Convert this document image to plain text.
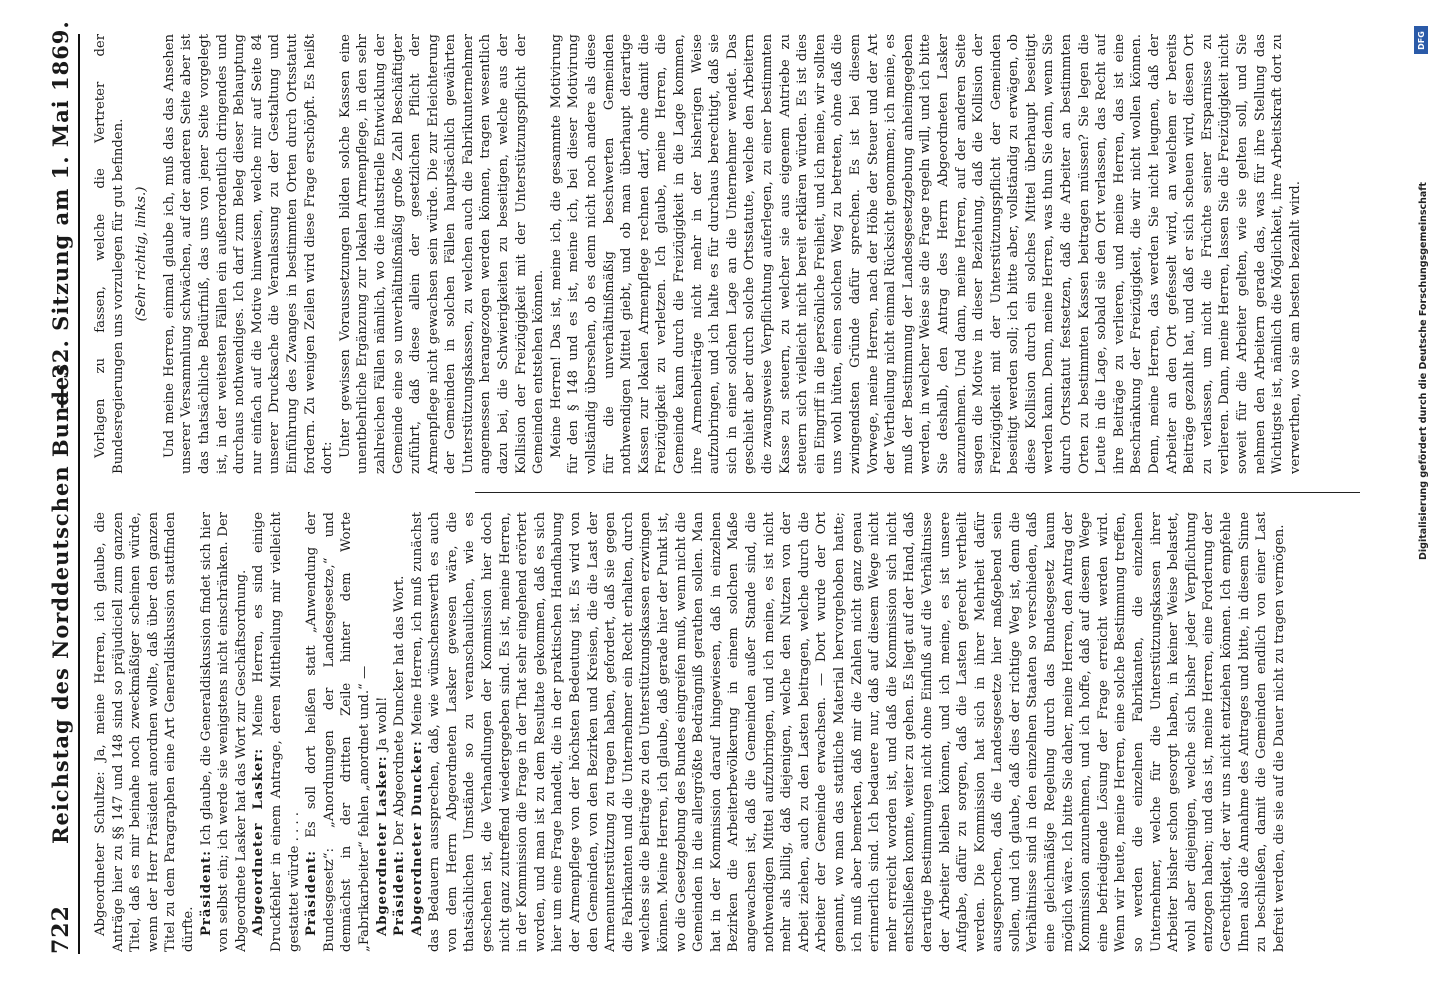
722
Reichstag des Norddeutschen Bundes.
— 32. Sitzung am 1. Mai 1869.

Abgeordneter Schultze: Ja, meine Herren, ich glaube, die Anträge hier zu §§ 147 und 148 sind so präjudiciell zum ganzen Titel, daß es mir beinahe noch zweckmäßiger scheinen würde, wenn der Herr Präsident anordnen wollte, daß über den ganzen Titel zu dem Paragraphen eine Art Generaldiskussion stattfinden dürfte. Präsident: Ich glaube, die Generaldiskussion findet sich hier von selbst ein; ich werde sie wenigstens nicht einschränken. Der Abgeordnete Lasker hat das Wort zur Geschäftsordnung. Abgeordneter Lasker: Meine Herren, es sind einige Druckfehler in einem Antrage, deren Mittheilung mir vielleicht gestattet würde . . . . Präsident: Es soll dort heißen statt „Anwendung der Bundesgesetz“: „Anordnungen der Landesgesetze,“ und demnächst in der dritten Zeile hinter dem Worte „Fabrikarbeiter“ fehlen „anordnet und.“ — Abgeordneter Lasker: Ja wohl!

Präsident: Der Abgeordnete Duncker hat das Wort. Abgeordneter Duncker: Meine Herren, ich muß zunächst das Bedauern aussprechen, daß, wie wünschenswerth es auch von dem Herrn Abgeordneten Lasker gewesen wäre, die thatsächlichen Umstände so zu veranschaulichen, wie es geschehen ist, die Verhandlungen der Kommission hier doch nicht ganz zutreffend wiedergegeben sind. Es ist, meine Herren, in der Kommission die Frage in der That sehr eingehend erörtert worden, und man ist zu dem Resultate gekommen, daß es sich hier um eine Frage handelt, die in der praktischen Handhabung der Armenpflege von der höchsten Bedeutung ist. Es wird von den Gemeinden, von den Bezirken und Kreisen, die die Last der Armenunterstützung zu tragen haben, gefordert, daß sie gegen die Fabrikanten und die Unternehmer ein Recht erhalten, durch welches sie die Beiträge zu den Unterstützungskassen erzwingen können. Meine Herren, ich glaube, daß gerade hier der Punkt ist, wo die Gesetzgebung des Bundes eingreifen muß, wenn nicht die Gemeinden in die allergrößte Bedrängniß gerathen sollen. Man hat in der Kommission darauf hingewiesen, daß in einzelnen Bezirken die Arbeiterbevölkerung in einem solchen Maße angewachsen ist, daß die Gemeinden außer Stande sind, die nothwendigen Mittel aufzubringen, und ich meine, es ist nicht mehr als billig, daß diejenigen, welche den Nutzen von der Arbeit ziehen, auch zu den Lasten beitragen, welche durch die Arbeiter der Gemeinde erwachsen. — Dort wurde der Ort genannt, wo man das stattliche Material hervorgehoben hatte; ich muß aber bemerken, daß mir die Zahlen nicht ganz genau erinnerlich sind. Ich bedauere nur, daß auf diesem Wege nicht mehr erreicht worden ist, und daß die Kommission sich nicht entschließen konnte, weiter zu gehen. Es liegt auf der Hand, daß derartige Bestimmungen nicht ohne Einfluß auf die Verhältnisse der Arbeiter bleiben können, und ich meine, es ist unsere Aufgabe, dafür zu sorgen, daß die Lasten gerecht vertheilt werden. Die Kommission hat sich in ihrer Mehrheit dafür ausgesprochen, daß die Landesgesetze hier maßgebend sein sollen, und ich glaube, daß dies der richtige Weg ist, denn die Verhältnisse sind in den einzelnen Staaten so verschieden, daß eine gleichmäßige Regelung durch das Bundesgesetz kaum möglich wäre. Ich bitte Sie daher, meine Herren, den Antrag der Kommission anzunehmen, und ich hoffe, daß auf diesem Wege eine befriedigende Lösung der Frage erreicht werden wird. Wenn wir heute, meine Herren, eine solche Bestimmung treffen, so werden die einzelnen Fabrikanten, die einzelnen Unternehmer, welche für die Unterstützungskassen ihrer Arbeiter bisher schon gesorgt haben, in keiner Weise belastet, wohl aber diejenigen, welche sich bisher jeder Verpflichtung entzogen haben; und das ist, meine Herren, eine Forderung der Gerechtigkeit, der wir uns nicht entziehen können. Ich empfehle Ihnen also die Annahme des Antrages und bitte, in diesem Sinne zu beschließen, damit die Gemeinden endlich von einer Last befreit werden, die sie auf die Dauer nicht zu tragen vermögen.

Vorlagen zu fassen, welche die Vertreter der Bundesregierungen uns vorzulegen für gut befinden. (Sehr richtig, links.) Und meine Herren, einmal glaube ich, muß das das Ansehen unserer Versammlung schwächen, auf der anderen Seite aber ist das thatsächliche Bedürfniß, das uns von jener Seite vorgelegt ist, in der weitesten Fällen ein außerordentlich dringendes und durchaus nothwendiges. Ich darf zum Beleg dieser Behauptung nur einfach auf die Motive hinweisen, welche mir auf Seite 84 unserer Drucksache die Veranlassung zu der Gestaltung und Einführung des Zwanges in bestimmten Orten durch Ortsstatut fordern. Zu wenigen Zeilen wird diese Frage erschöpft. Es heißt dort: Unter gewissen Voraussetzungen bilden solche Kassen eine unentbehrliche Ergänzung zur lokalen Armenpflege, in den sehr zahlreichen Fällen nämlich, wo die industrielle Entwicklung der Gemeinde eine so unverhältnißmäßig große Zahl Beschäftigter zuführt, daß diese allein der gesetzlichen Pflicht der Armenpflege nicht gewachsen sein würde. Die zur Erleichterung der Gemeinden in solchen Fällen hauptsächlich gewährten Unterstützungskassen, zu welchen auch die Fabrikunternehmer angemessen herangezogen werden können, tragen wesentlich dazu bei, die Schwierigkeiten zu beseitigen, welche aus der Kollision der Freizügigkeit mit der Unterstützungspflicht der Gemeinden entstehen können. Meine Herren! Das ist, meine ich, die gesammte Motivirung für den § 148 und es ist, meine ich, bei dieser Motivirung vollständig übersehen, ob es denn nicht noch andere als diese für die unverhältnißmäßig beschwerten Gemeinden nothwendigen Mittel giebt, und ob man überhaupt derartige Kassen zur lokalen Armenpflege rechnen darf, ohne damit die Freizügigkeit zu verletzen. Ich glaube, meine Herren, die Gemeinde kann durch die Freizügigkeit in die Lage kommen, ihre Armenbeiträge nicht mehr in der bisherigen Weise aufzubringen, und ich halte es für durchaus berechtigt, daß sie sich in einer solchen Lage an die Unternehmer wendet. Das geschieht aber durch solche Ortsstatute, welche den Arbeitern die zwangsweise Verpflichtung auferlegen, zu einer bestimmten Kasse zu steuern, zu welcher sie aus eigenem Antriebe zu steuern sich vielleicht nicht bereit erklären würden. Es ist dies ein Eingriff in die persönliche Freiheit, und ich meine, wir sollten uns wohl hüten, einen solchen Weg zu betreten, ohne daß die zwingendsten Gründe dafür sprechen. Es ist bei diesem Vorwege, meine Herren, nach der Höhe der Steuer und der Art der Vertheilung nicht einmal Rücksicht genommen; ich meine, es muß der Bestimmung der Landesgesetzgebung anheimgegeben werden, in welcher Weise sie die Frage regeln will, und ich bitte Sie deshalb, den Antrag des Herrn Abgeordneten Lasker anzunehmen. Und dann, meine Herren, auf der anderen Seite sagen die Motive in dieser Beziehung, daß die Kollision der Freizügigkeit mit der Unterstützungspflicht der Gemeinden beseitigt werden soll; ich bitte aber, vollständig zu erwägen, ob diese Kollision durch ein solches Mittel überhaupt beseitigt werden kann. Denn, meine Herren, was thun Sie denn, wenn Sie durch Ortsstatut festsetzen, daß die Arbeiter an bestimmten Orten zu bestimmten Kassen beitragen müssen? Sie legen die Leute in die Lage, sobald sie den Ort verlassen, das Recht auf ihre Beiträge zu verlieren, und meine Herren, das ist eine Beschränkung der Freizügigkeit, die wir nicht wollen können. Denn, meine Herren, das werden Sie nicht leugnen, daß der Arbeiter an den Ort gefesselt wird, an welchem er bereits Beiträge gezahlt hat, und daß er sich scheuen wird, diesen Ort zu verlassen, um nicht die Früchte seiner Ersparnisse zu verlieren. Dann, meine Herren, lassen Sie die Freizügigkeit nicht soweit für die Arbeiter gelten, wie sie gelten soll, und Sie nehmen den Arbeitern gerade das, was für ihre Stellung das Wichtigste ist, nämlich die Möglichkeit, ihre Arbeitskraft dort zu verwerthen, wo sie am besten bezahlt wird.

DFG
Digitalisierung gefördert durch die Deutsche Forschungsgemeinschaft
